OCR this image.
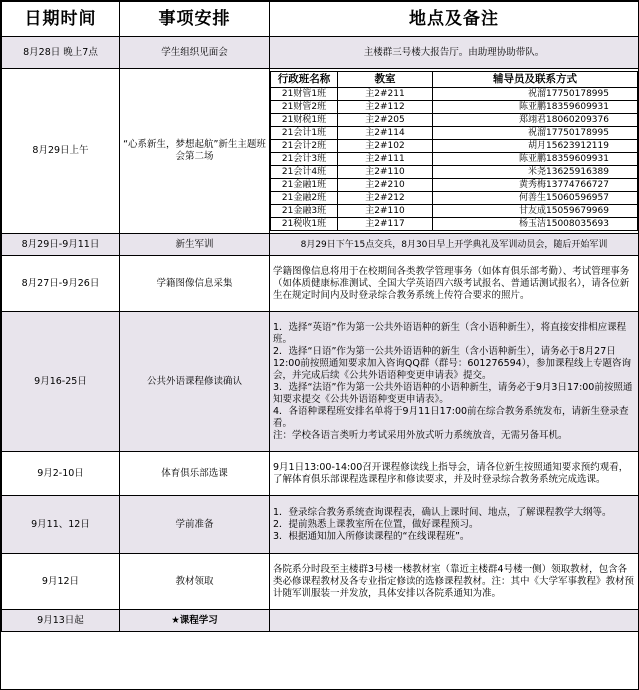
日期时间	事项安排	地点及备注
8月28日 晚上7点	学生组织见面会	主楼群三号楼大报告厅。由助理协助带队。
8月29日上午	“心系新生，梦想起航”新生主题班会第二场	
行政班名称	教室	辅导员及联系方式
21财管1班	主2#211	祝溜17750178995
21财管2班	主2#112	陈亚鹏18359609931
21财税1班	主2#205	郑翊君18060209376
21会计1班	主2#114	祝溜17750178995
21会计2班	主2#102	胡月15623912119
21会计3班	主2#111	陈亚鹏18359609931
21会计4班	主2#110	米尧13625916389
21金融1班	主2#210	黄秀梅13774766727
21金融2班	主2#212	何善生15060596957
21金融3班	主2#110	甘友成15059679969
21税收1班	主2#117	杨玉洁15008035693

8月29日-9月11日	新生军训	8月29日下午15点交兵，8月30日早上开学典礼及军训动员会，随后开始军训
8月27日-9月26日	学籍图像信息采集	学籍图像信息将用于在校期间各类教学管理事务（如体育俱乐部考勤）、考试管理事务（如体质健康标准测试、全国大学英语四六级考试报名、普通话测试报名），请各位新生在规定时间内及时登录综合教务系统上传符合要求的照片。
9月16-25日	公共外语课程修读确认	
1．选择“英语”作为第一公共外语语种的新生（含小语种新生），将直接安排相应课程班。
2．选择“日语”作为第一公共外语语种的新生（含小语种新生），请务必于8月27日12:00前按照通知要求加入咨询QQ群（群号：601276594），参加课程线上专题咨询会，并完成后续《公共外语语种变更申请表》提交。
3．选择“法语”作为第一公共外语语种的小语种新生，请务必于9月3日17:00前按照通知要求提交《公共外语语种变更申请表》。
4．各语种课程班安排名单将于9月11日17:00前在综合教务系统发布，请新生登录查看。
注：学校各语言类听力考试采用外放式听力系统放音，无需另备耳机。

9月2-10日	体育俱乐部选课	9月1日13:00-14:00召开课程修读线上指导会，请各位新生按照通知要求预约观看，了解体育俱乐部课程选课程序和修读要求，并及时登录综合教务系统完成选课。
9月11、12日	学前准备	
1．登录综合教务系统查询课程表，确认上课时间、地点，了解课程教学大纲等。
2．提前熟悉上课教室所在位置，做好课程预习。
3．根据通知加入所修读课程的“在线课程班”。

9月12日	教材领取	各院系分时段至主楼群3号楼一楼教材室（靠近主楼群4号楼一侧）领取教材，包含各类必修课程教材及各专业指定修读的选修课程教材。注：其中《大学军事教程》教材预计随军训服装一并发放，具体安排以各院系通知为准。
9月13日起	★课程学习	
